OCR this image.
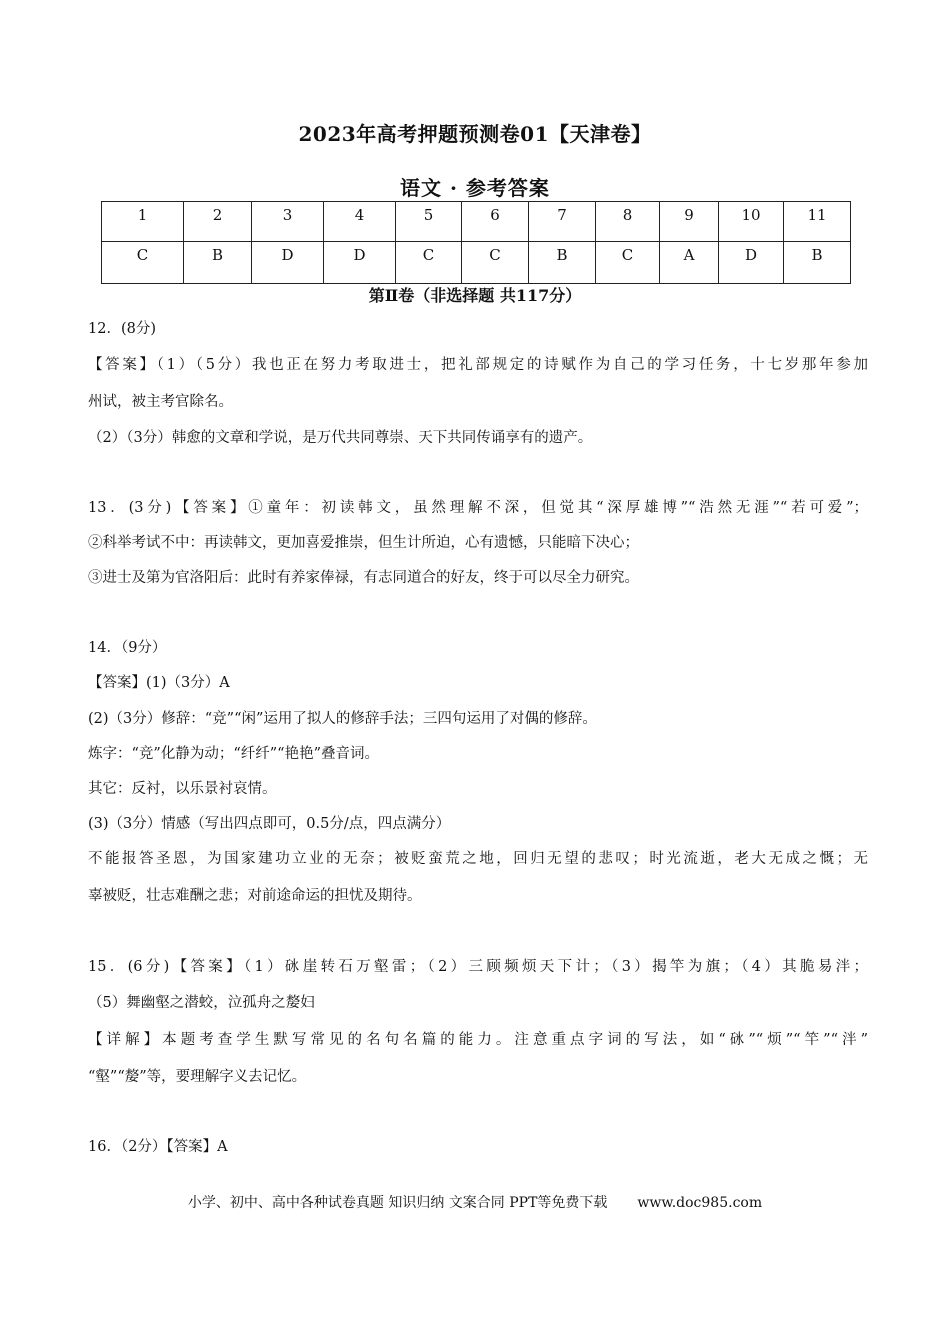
2023年高考押题预测卷01【天津卷】
语文 · 参考答案
1	2	3	4	5	6	7	8	9	10	11
C	B	D	D	C	C	B	C	A	D	B
第Ⅱ卷（非选择题 共117分）
12．(8分)
【答案】（1）（5分）我也正在努力考取进士，把礼部规定的诗赋作为自己的学习任务，十七岁那年参加
州试，被主考官除名。
（2）（3分）韩愈的文章和学说，是万代共同尊崇、天下共同传诵享有的遗产。
13．(3分)【答案】①童年：初读韩文，虽然理解不深，但觉其“深厚雄博”“浩然无涯”“若可爱”；
②科举考试不中：再读韩文，更加喜爱推崇，但生计所迫，心有遗憾，只能暗下决心；
③进士及第为官洛阳后：此时有养家俸禄，有志同道合的好友，终于可以尽全力研究。
14．（9分）
【答案】(1)（3分）A
(2)（3分）修辞：“竞”“闲”运用了拟人的修辞手法；三四句运用了对偶的修辞。
炼字：“竞”化静为动；“纤纤”“艳艳”叠音词。
其它：反衬，以乐景衬哀情。
(3)（3分）情感（写出四点即可，0.5分/点，四点满分）
不能报答圣恩，为国家建功立业的无奈；被贬蛮荒之地，回归无望的悲叹；时光流逝，老大无成之慨；无
辜被贬，壮志难酬之悲；对前途命运的担忧及期待。
15．(6分)【答案】（1）砯崖转石万壑雷；（2）三顾频烦天下计；（3）揭竿为旗；（4）其脆易泮；
（5）舞幽壑之潜蛟，泣孤舟之嫠妇
【详解】本题考查学生默写常见的名句名篇的能力。注意重点字词的写法，如“砯”“烦”“竿”“泮”
“壑”“嫠”等，要理解字义去记忆。
16．（2分）【答案】A
小学、初中、高中各种试卷真题 知识归纳 文案合同 PPT等免费下载 www.doc985.com
